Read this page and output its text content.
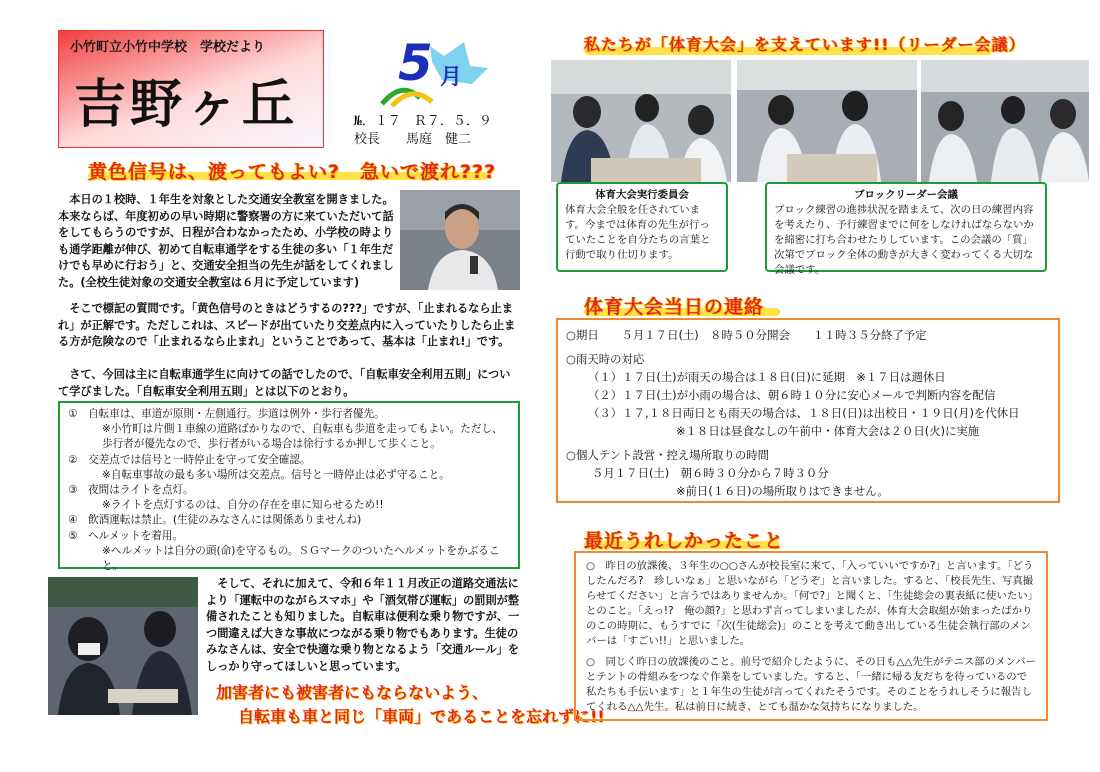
小竹町立小竹中学校　学校だより
吉野ヶ丘
5 月
№．１７　Ｒ７．５．９
校長　　馬庭　健二
黄色信号は、渡ってもよい?　急いで渡れ???
本日の１校時、１年生を対象とした交通安全教室を開きました。本来ならば、年度初めの早い時期に警察署の方に来ていただいて話をしてもらうのですが、日程が合わなかったため、小学校の時よりも通学距離が伸び、初めて自転車通学をする生徒の多い「１年生だけでも早めに行おう」と、交通安全担当の先生が話をしてくれました。(全校生徒対象の交通安全教室は６月に予定しています)
そこで標記の質問です。「黄色信号のときはどうするの???」ですが、「止まれるなら止まれ」が正解です。ただしこれは、スピードが出ていたり交差点内に入っていたりしたら止まる方が危険なので「止まれるなら止まれ」ということであって、基本は「止まれ!」です。
さて、今回は主に自転車通学生に向けての話でしたので、「自転車安全利用五則」について学びました。「自転車安全利用五則」とは以下のとおり。
①　自転車は、車道が原則・左側通行。歩道は例外・歩行者優先。
※小竹町は片側１車線の道路ばかりなので、自転車も歩道を走ってもよい。ただし、歩行者が優先なので、歩行者がいる場合は徐行するか押して歩くこと。
②　交差点では信号と一時停止を守って安全確認。
※自転車事故の最も多い場所は交差点。信号と一時停止は必ず守ること。
③　夜間はライトを点灯。
※ライトを点灯するのは、自分の存在を車に知らせるため!!
④　飲酒運転は禁止。(生徒のみなさんには関係ありませんね)
⑤　ヘルメットを着用。
※ヘルメットは自分の頭(命)を守るもの。ＳＧマークのついたヘルメットをかぶること。
そして、それに加えて、令和６年１１月改正の道路交通法により「運転中のながらスマホ」や「酒気帯び運転」の罰則が整備されたことも知りました。自転車は便利な乗り物ですが、一つ間違えば大きな事故につながる乗り物でもあります。生徒のみなさんは、安全で快適な乗り物となるよう「交通ルール」をしっかり守ってほしいと思っています。
加害者にも被害者にもならないよう、
自転車も車と同じ「車両」であることを忘れずに!!
私たちが「体育大会」を支えています!!（リーダー会議）
体育大会実行委員会
体育大会全般を任されています。今までは体育の先生が行っていたことを自分たちの言葉と行動で取り仕切ります。
ブロックリーダー会議
ブロック練習の進捗状況を踏まえて、次の日の練習内容を考えたり、予行練習までに何をしなければならないかを綿密に打ち合わせたりしています。この会議の「質」次第でブロック全体の動きが大きく変わってくる大切な会議です。
体育大会当日の連絡
○期日　　５月１７日(土)　８時５０分開会　　１１時３５分終了予定
○雨天時の対応
（１）１７日(土)が雨天の場合は１８日(日)に延期　※１７日は週休日
（２）１７日(土)が小雨の場合は、朝６時１０分に安心メールで判断内容を配信
（３）１７,１８日両日とも雨天の場合は、１８日(日)は出校日・１９日(月)を代休日
※１８日は昼食なしの午前中・体育大会は２０日(火)に実施
○個人テント設営・控え場所取りの時間
５月１７日(土)　朝６時３０分から７時３０分
※前日(１６日)の場所取りはできません。
最近うれしかったこと
○　昨日の放課後、３年生の○○さんが校長室に来て、「入っていいですか?」と言います。「どうしたんだろ?　珍しいなぁ」と思いながら「どうぞ」と言いました。すると、「校長先生、写真撮らせてください」と言うではありませんか。「何で?」と聞くと、「生徒総会の裏表紙に使いたい」とのこと。「えっ!?　俺の顔?」と思わず言ってしまいましたが、体育大会取組が始まったばかりのこの時期に、もうすでに「次(生徒総会)」のことを考えて動き出している生徒会執行部のメンバーは「すごい!!」と思いました。
○　同じく昨日の放課後のこと。前号で紹介したように、その日も△△先生がテニス部のメンバーとテントの骨組みをつなぐ作業をしていました。すると、「一緒に帰る友だちを待っているので私たちも手伝います」と１年生の生徒が言ってくれたそうです。そのことをうれしそうに報告してくれる△△先生。私は前日に続き、とても温かな気持ちになりました。
